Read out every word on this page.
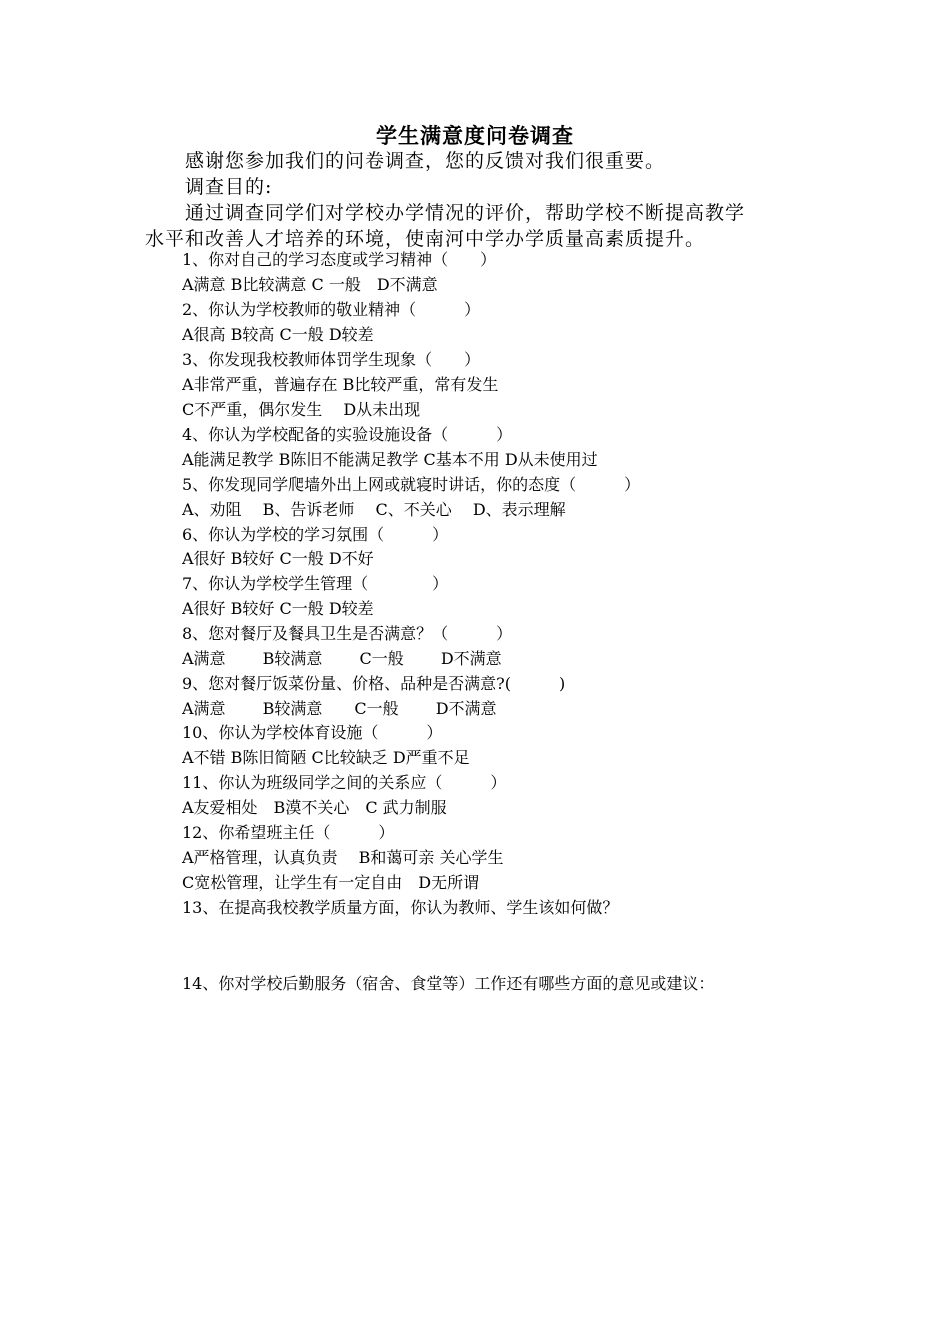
学生满意度问卷调查
　　感谢您参加我们的问卷调查，您的反馈对我们很重要。
　　调查目的:
　　通过调查同学们对学校办学情况的评价，帮助学校不断提高教学
水平和改善人才培养的环境，使南河中学办学质量高素质提升。
1、你对自己的学习态度或学习精神（　　）
A满意 B比较满意 C 一般　D不满意
2、你认为学校教师的敬业精神（　　　）
A很高 B较高 C一般 D较差
3、你发现我校教师体罚学生现象（　　）
A非常严重，普遍存在 B比较严重，常有发生
C不严重，偶尔发生　 D从未出现
4、你认为学校配备的实验设施设备（　　　）
A能满足教学 B陈旧不能满足教学 C基本不用 D从未使用过
5、你发现同学爬墙外出上网或就寝时讲话，你的态度（　　　）
A、劝阻　 B、告诉老师　 C、不关心　 D、表示理解
6、你认为学校的学习氛围（　　　）
A很好 B较好 C一般 D不好
7、你认为学校学生管理（　　　　）
A很好 B较好 C一般 D较差
8、您对餐厅及餐具卫生是否满意？（　　　）
A满意　　 B较满意　　 C一般　　 D不满意
9、您对餐厅饭菜份量、价格、品种是否满意?(　　　)
A满意　　 B较满意　　C一般　　 D不满意
10、你认为学校体育设施（　　　）
A不错 B陈旧简陋 C比较缺乏 D严重不足
11、你认为班级同学之间的关系应（　　　）
A友爱相处　B漠不关心　C 武力制服
12、你希望班主任（　　　）
A严格管理，认真负责　 B和蔼可亲 关心学生
C宽松管理，让学生有一定自由　D无所谓
13、在提高我校教学质量方面，你认为教师、学生该如何做？
14、你对学校后勤服务（宿舍、食堂等）工作还有哪些方面的意见或建议：
